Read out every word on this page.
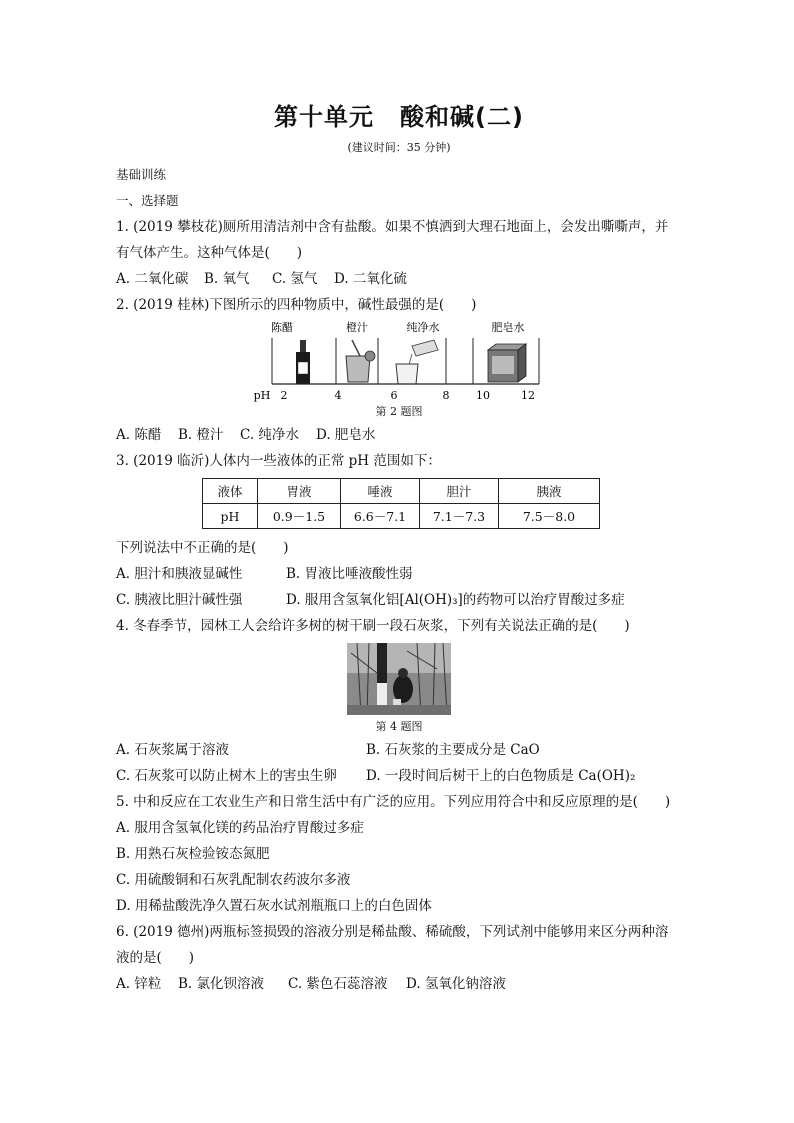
第十单元 酸和碱(二)
(建议时间：35 分钟)
基础训练
一、选择题
1. (2019 攀枝花)厕所用清洁剂中含有盐酸。如果不慎洒到大理石地面上，会发出嘶嘶声，并
有气体产生。这种气体是(　　)
A. 二氧化碳 B. 氧气 C. 氢气 D. 二氧化硫
2. (2019 桂林)下图所示的四种物质中，碱性最强的是(　　)
陈醋	橙汁	纯净水	肥皂水
pH 2	4	6	8 10	12
第 2 题图
A. 陈醋 B. 橙汁 C. 纯净水 D. 肥皂水
3. (2019 临沂)人体内一些液体的正常 pH 范围如下：
液体	胃液	唾液	胆汁	胰液
pH	0.9－1.5	6.6－7.1	7.1－7.3	7.5－8.0
下列说法中不正确的是(　　)
A. 胆汁和胰液显碱性	B. 胃液比唾液酸性弱
C. 胰液比胆汁碱性强	D. 服用含氢氧化铝[Al(OH)₃]的药物可以治疗胃酸过多症
4. 冬春季节，园林工人会给许多树的树干刷一段石灰浆，下列有关说法正确的是(　　)
第 4 题图
A. 石灰浆属于溶液	B. 石灰浆的主要成分是 CaO
C. 石灰浆可以防止树木上的害虫生卵	D. 一段时间后树干上的白色物质是 Ca(OH)₂
5. 中和反应在工农业生产和日常生活中有广泛的应用。下列应用符合中和反应原理的是(　　)
A. 服用含氢氧化镁的药品治疗胃酸过多症
B. 用熟石灰检验铵态氮肥
C. 用硫酸铜和石灰乳配制农药波尔多液
D. 用稀盐酸洗净久置石灰水试剂瓶瓶口上的白色固体
6. (2019 德州)两瓶标签损毁的溶液分别是稀盐酸、稀硫酸，下列试剂中能够用来区分两种溶
液的是(　　)
A. 锌粒 B. 氯化钡溶液 C. 紫色石蕊溶液 D. 氢氧化钠溶液
